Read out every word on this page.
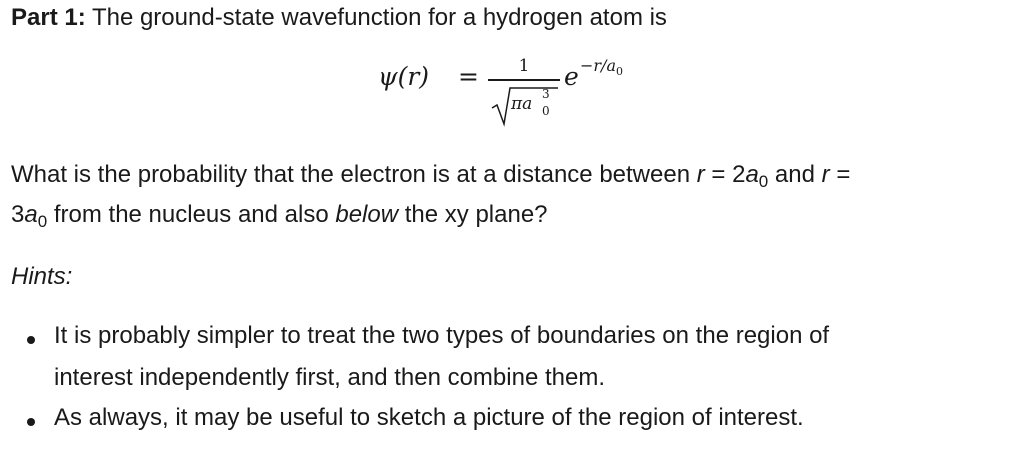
Part 1: The ground-state wavefunction for a hydrogen atom is
ψ(r) =	1
πa 3
0
$e -r/a_0$
What is the probability that the electron is at a distance between $r = 2a_0$ and r =
$3a_0$ from the nucleus and also below the xy plane?
Hints:
It is probably simpler to treat the two types of boundaries on the region of
interest independently first, and then combine them.
As always, it may be useful to sketch a picture of the region of interest.
